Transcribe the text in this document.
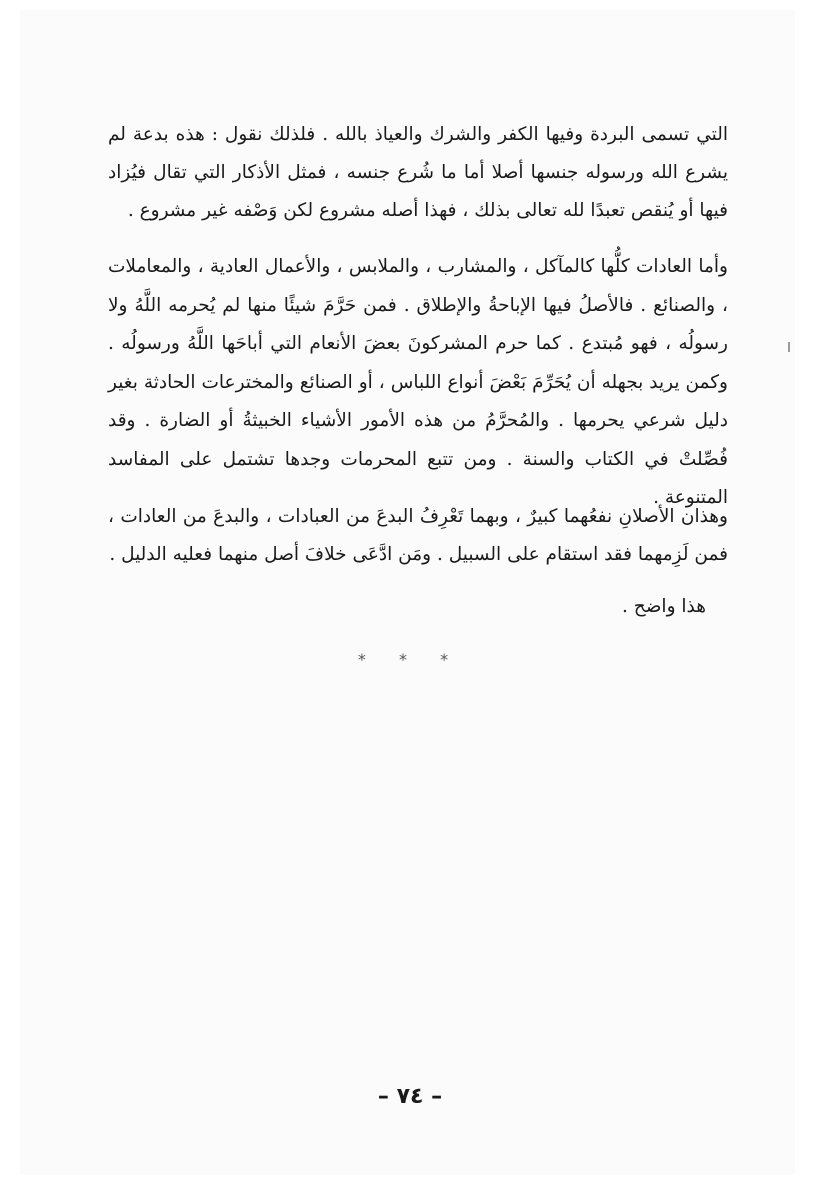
التي تسمى البردة وفيها الكفر والشرك والعياذ بالله . فلذلك نقول : هذه بدعة لم يشرع الله ورسوله جنسها أصلا أما ما شُرع جنسه ، فمثل الأذكار التي تقال فيُزاد فيها أو يُنقص تعبدًا لله تعالى بذلك ، فهذا أصله مشروع لكن وَصْفه غير مشروع .

وأما العادات كلُّها كالمآكل ، والمشارب ، والملابس ، والأعمال العادية ، والمعاملات ، والصنائع . فالأصلُ فيها الإباحةُ والإطلاق . فمن حَرَّمَ شيئًا منها لم يُحرمه اللَّهُ ولا رسولُه ، فهو مُبتدع . كما حرم المشركونَ بعضَ الأنعام التي أباحَها اللَّهُ ورسولُه . وكمن يريد بجهله أن يُحَرِّمَ بَعْضَ أنواع اللباس ، أو الصنائع والمخترعات الحادثة بغير دليل شرعي يحرمها . والمُحرَّمُ من هذه الأمور الأشياء الخبيثةُ أو الضارة . وقد فُصِّلتْ في الكتاب والسنة . ومن تتبع المحرمات وجدها تشتمل على المفاسد المتنوعة .

وهذان الأصلانِ نفعُهما كبيرٌ ، وبهما تَعْرِفُ البدعَ من العبادات ، والبدعَ من العادات ، فمن لَزِمهما فقد استقام على السبيل . ومَن ادَّعَى خلافَ أصل منهما فعليه الدليل .

هذا واضح .

* * *
– ٧٤ –
